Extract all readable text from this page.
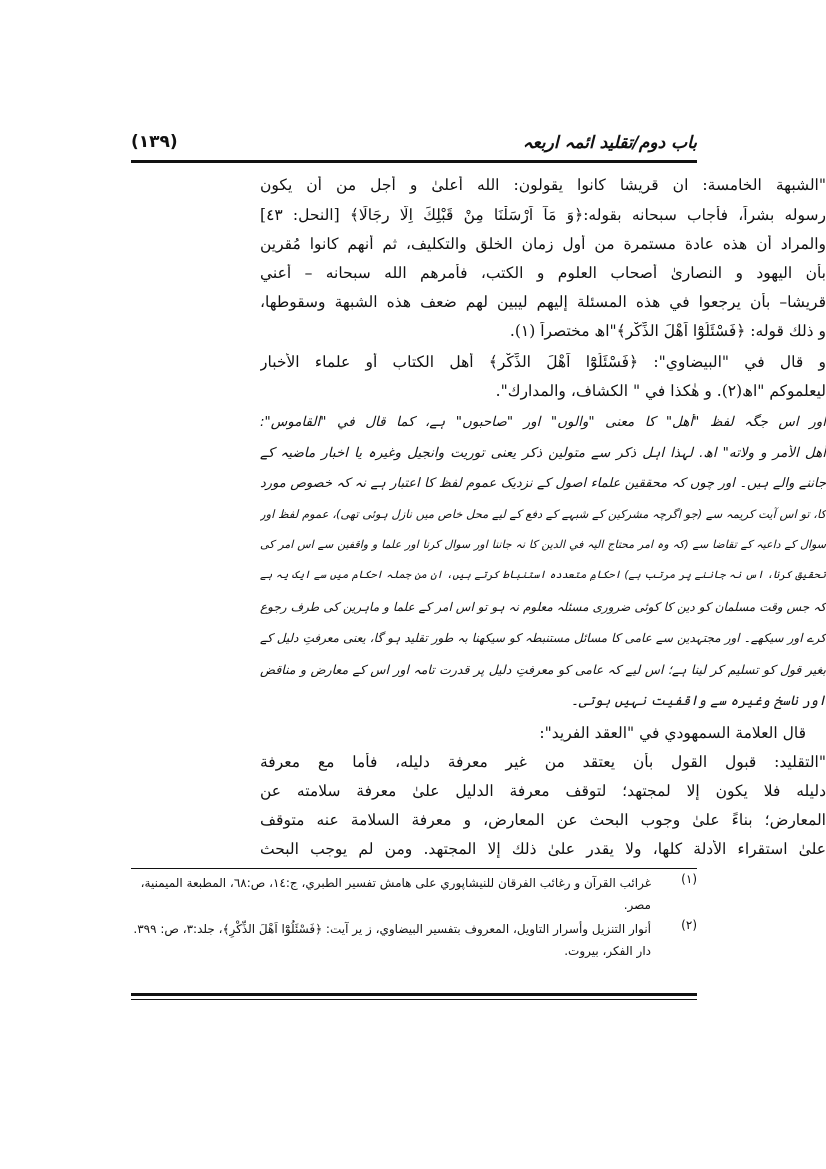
باب دوم/تقلید ائمہ اربعہ
(۱۳۹)
"الشبهة الخامسة: ان قريشا كانوا يقولون: الله أعلىٰ و أجل من أن يكون
رسوله بشراً، فأجاب سبحانه بقوله:﴿وَ مَآ اَرْسَلْنَا مِنْ قَبْلِكَ اِلَّا رِجَالًا﴾ [النحل: ٤٣]
والمراد أن هذه عادة مستمرة من أول زمان الخلق والتكليف، ثم أنهم كانوا مُقرين
بأن اليهود و النصارىٰ أصحاب العلوم و الكتب، فأمرهم الله سبحانه – أعني
قريشا– بأن يرجعوا في هذه المسئلة إليهم ليبين لهم ضعف هذه الشبهة وسقوطها،
و ذلك قوله: ﴿فَسْئَلُوْٓا اَهْلَ الذِّكْرِ﴾"اھ مختصراً (١).
و قال في "البيضاوي": ﴿فَسْئَلُوْٓا اَهْلَ الذِّكْرِ﴾ أهل الكتاب أو علماء الأخبار
ليعلموكم "اھ(٢). و هٰكذا في " الكشاف، والمدارك".
اور اس جگہ لفظ "أهل" کا معنی "والوں" اور "صاحبوں" ہے، کما قال في "القاموس":
أهل الأمر و ولاته" اھ. لہذا اہل ذکر سے متولین ذکر یعنی توریت وانجیل وغیرہ یا اخبار ماضیہ کے
جاننے والے ہیں۔ اور چوں کہ محققین علماء اصول کے نزدیک عموم لفظ کا اعتبار ہے نہ کہ خصوص مورد
کا، تو اس آیت کریمہ سے (جو اگرچہ مشرکین کے شبہے کے دفع کے لیے محل خاص میں نازل ہوئی تھی)، عموم لفظ اور
سوال کے داعیہ کے تقاضا سے (کہ وہ امر محتاج الیہ في الدین کا نہ جاننا اور سوال کرنا اور علما و واقفین سے اس امر کی
تحقیق کرنا، اس نہ جاننے پر مرتب ہے) احکامِ متعددہ استنباط کرتے ہیں، ان من جملہ احکام میں سے ایک یہ ہے
کہ جس وقت مسلمان کو دین کا کوئی ضروری مسئلہ معلوم نہ ہو تو اس امر کے علما و ماہرین کی طرف رجوع
کرے اور سیکھے۔ اور مجتہدین سے عامی کا مسائل مستنبطہ کو سیکھنا بہ طور تقلید ہو گا، یعنی معرفتِ دلیل کے
بغیر قول کو تسلیم کر لینا ہے؛ اس لیے کہ عامی کو معرفتِ دلیل پر قدرت تامہ اور اس کے معارض و مناقض
اور ناسخ وغیرہ سے واقفیت نہیں ہوتی۔
قال العلامة السمهودي في "العقد الفريد":
"التقليد: قبول القول بأن يعتقد من غير معرفة دليله، فأما مع معرفة
دليله فلا يكون إلا لمجتهد؛ لتوقف معرفة الدليل علىٰ معرفة سلامته عن
المعارض؛ بناءً علىٰ وجوب البحث عن المعارض، و معرفة السلامة عنه متوقف
علىٰ استقراء الأدلة كلها، ولا يقدر علىٰ ذلك إلا المجتهد. ومن لم يوجب البحث
(١)
غرائب القرآن و رغائب الفرقان للنيشاپوري على هامش تفسير الطبري، ج:١٤، ص:٦٨، المطبعة الميمنية، مصر.
(٢)
أنوار التنزيل وأسرار التاويل، المعروف بتفسير البيضاوي، ز ير آيت: ﴿فَسْئَلُوْٓا اَهْلَ الذِّكْرِ﴾، جلد:٣، ص: ٣٩٩. دار الفكر، بيروت.
